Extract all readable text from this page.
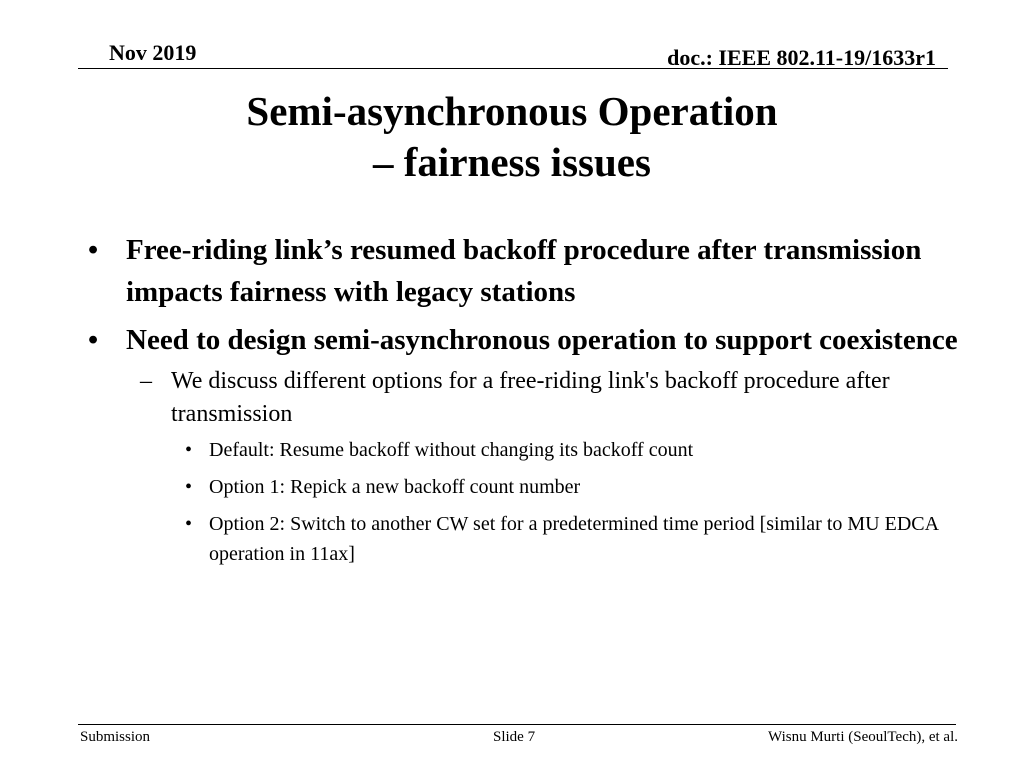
Nov 2019	doc.: IEEE 802.11-19/1633r1
Semi-asynchronous Operation
– fairness issues
• Free-riding link’s resumed backoff procedure after transmission impacts fairness with legacy stations
• Need to design semi-asynchronous operation to support coexistence
– We discuss different options for a free-riding link's backoff procedure after transmission
• Default: Resume backoff without changing its backoff count
• Option 1: Repick a new backoff count number
• Option 2: Switch to another CW set for a predetermined time period [similar to MU EDCA operation in 11ax]
Submission	Slide 7	Wisnu Murti (SeoulTech), et al.
